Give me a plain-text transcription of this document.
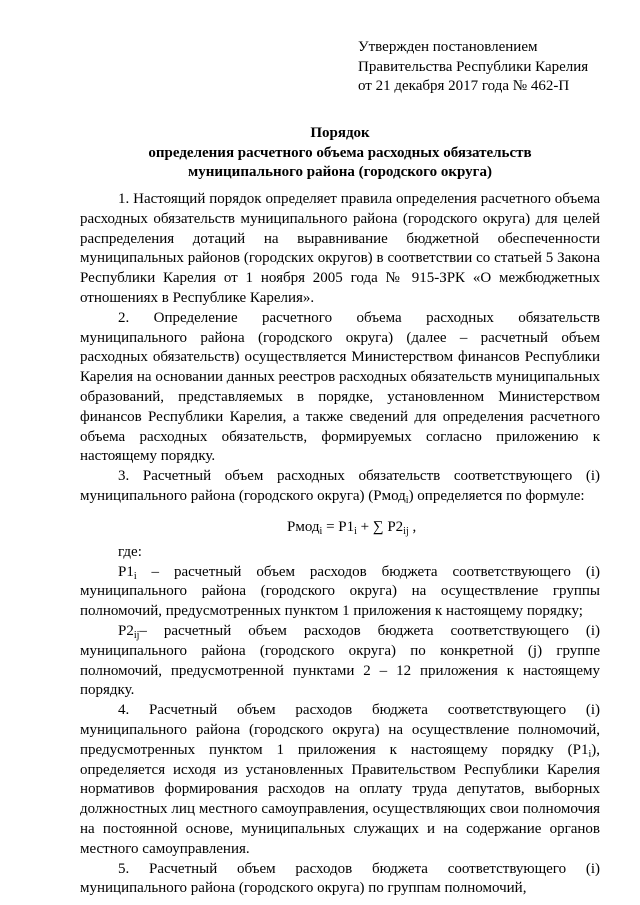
Утвержден постановлением
Правительства Республики Карелия
от 21 декабря 2017 года № 462-П
Порядок
определения расчетного объема расходных обязательств
муниципального района (городского округа)

1. Настоящий порядок определяет правила определения расчетного объема расходных обязательств муниципального района (городского округа) для целей распределения дотаций на выравнивание бюджетной обеспеченности муниципальных районов (городских округов) в соответствии со статьей 5 Закона Республики Карелия от 1 ноября 2005 года № 915-ЗРК «О межбюджетных отношениях в Республике Карелия».

2. Определение расчетного объема расходных обязательств муниципального района (городского округа) (далее – расчетный объем расходных обязательств) осуществляется Министерством финансов Республики Карелия на основании данных реестров расходных обязательств муниципальных образований, представляемых в порядке, установленном Министерством финансов Республики Карелия, а также сведений для определения расчетного объема расходных обязательств, формируемых согласно приложению к настоящему порядку.

3. Расчетный объем расходных обязательств соответствующего (i) муниципального района (городского округа) (Рмод$_i$) определяется по формуле:

Рмод$_i$ = $Р1_i$ + ∑ $Р2_{ij}$ ,

где:

$Р1_i$ – расчетный объем расходов бюджета соответствующего (i) муниципального района (городского округа) на осуществление группы полномочий, предусмотренных пунктом 1 приложения к настоящему порядку;

$Р2_{ij}-$ расчетный объем расходов бюджета соответствующего (i) муниципального района (городского округа) по конкретной (j) группе полномочий, предусмотренной пунктами 2 – 12 приложения к настоящему порядку.

4. Расчетный объем расходов бюджета соответствующего (i) муниципального района (городского округа) на осуществление полномочий, предусмотренных пунктом 1 приложения к настоящему порядку $(Р1_i)$, определяется исходя из установленных Правительством Республики Карелия нормативов формирования расходов на оплату труда депутатов, выборных должностных лиц местного самоуправления, осуществляющих свои полномочия на постоянной основе, муниципальных служащих и на содержание органов местного самоуправления.

5. Расчетный объем расходов бюджета соответствующего (i) муниципального района (городского округа) по группам полномочий,
